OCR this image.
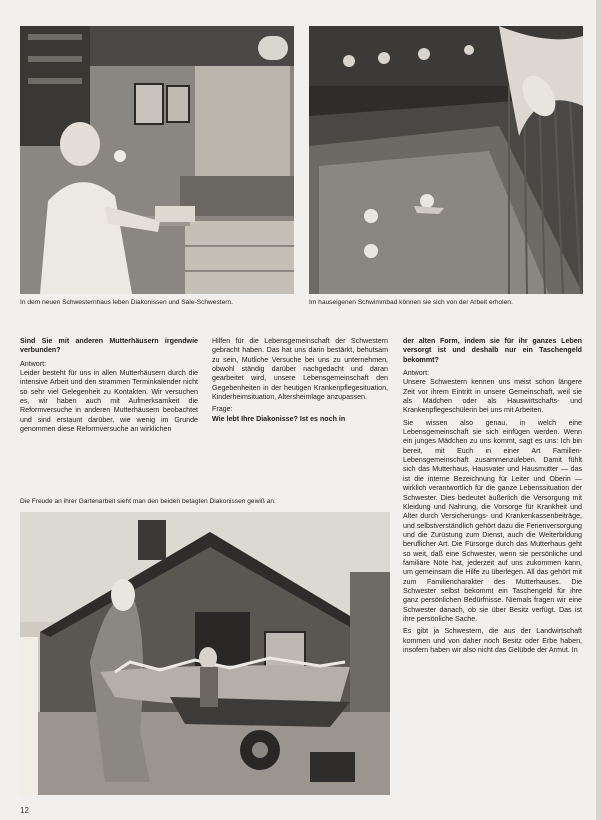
In dem neuen Schwesternhaus leben Diakonissen und Sale-Schwestern.	Im hauseigenen Schwimmbad können sie sich von der Arbeit erholen.

Sind Sie mit anderen Mutterhäusern irgendwie verbunden?

Antwort:

Leider besteht für uns in allen Mutterhäusern durch die intensive Arbeit und den strammen Terminkalender nicht so sehr viel Gelegenheit zu Kontakten. Wir versuchen es, wir haben auch mit Aufmerksamkeit die Reformversuche in anderen Mutterhäusern beobachtet und sind erstaunt darüber, wie wenig im Grunde genommen diese Reformversuche an wirklichen

Hilfen für die Lebensgemeinschaft der Schwestern gebracht haben. Das hat uns darin bestärkt, behutsam zu sein, Mutliche Versuche bei uns zu unternehmen, obwohl ständig darüber nachgedacht und daran gearbeitet wird, unsere Lebensgemeinschaft den Gegebenheiten in der heutigen Krankenpflegesituation, Kinderheimsituation, Altersheimlage anzupassen.

Frage:

Wie lebt Ihre Diakonisse? Ist es noch in

Die Freude an ihrer Gartenarbeit sieht man den beiden betagten Diakonissen gewiß an.

der alten Form, indem sie für ihr ganzes Leben versorgt ist und deshalb nur ein Taschengeld bekommt?

Antwort:

Unsere Schwestern kennen uns meist schon längere Zeit vor ihrem Eintritt in unsere Gemeinschaft, weil sie als Mädchen oder als Hauswirtschafts- und Krankenpflegeschülerin bei uns mit Arbeiten.

Sie wissen also genau, in welch eine Lebensgemeinschaft sie sich einfügen werden. Wenn ein junges Mädchen zu uns kommt, sagt es uns: Ich bin bereit, mit Euch in einer Art Familien-Lebensgemeinschaft zusammenzuleben. Damit fühlt sich das Mutterhaus, Hausvater und Hausmutter — das ist die interne Bezeichnung für Leiter und Oberin — wirklich verantwortlich für die ganze Lebenssituation der Schwester. Dies bedeutet äußerlich die Versorgung mit Kleidung und Nahrung, die Vorsorge für Krankheit und Alter durch Versicherungs- und Krankenkassenbeiträge, und selbstverständlich gehört dazu die Ferienversorgung und die Zurüstung zum Dienst, auch die Weiterbildung beruflicher Art. Die Fürsorge durch das Mutterhaus geht so weit, daß eine Schwester, wenn sie persönliche und familiäre Nöte hat, jederzeit auf uns zukommen kann, um gemeinsam die Hilfe zu überlegen. All das gehört mit zum Familiencharakter des Mutterhauses. Die Schwester selbst bekommt ein Taschengeld für ihre ganz persönlichen Bedürfnisse. Niemals fragen wir eine Schwester danach, ob sie über Besitz verfügt. Das ist ihre persönliche Sache.

Es gibt ja Schwestern, die aus der Landwirtschaft kommen und von daher noch Besitz oder Erbe haben, insofern haben wir also nicht das Gelübde der Armut. In

12
